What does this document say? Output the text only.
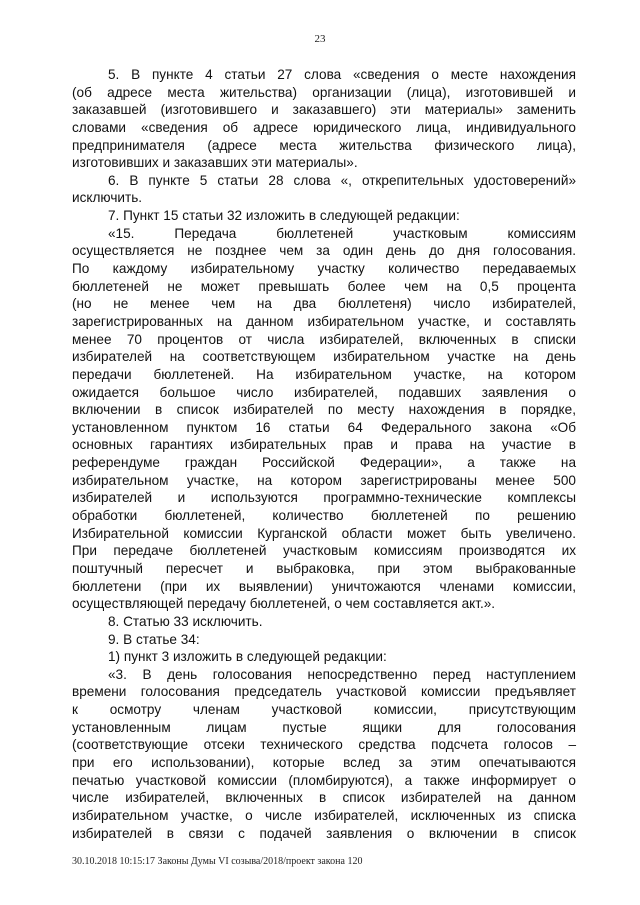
23
5. В пункте 4 статьи 27 слова «сведения о месте нахождения
(об адресе места жительства) организации (лица), изготовившей и
заказавшей (изготовившего и заказавшего) эти материалы» заменить
словами «сведения об адресе юридического лица, индивидуального
предпринимателя (адресе места жительства физического лица),
изготовивших и заказавших эти материалы».
6. В пункте 5 статьи 28 слова «, открепительных удостоверений»
исключить.
7. Пункт 15 статьи 32 изложить в следующей редакции:
«15. Передача бюллетеней участковым комиссиям
осуществляется не позднее чем за один день до дня голосования.
По каждому избирательному участку количество передаваемых
бюллетеней не может превышать более чем на 0,5 процента
(но не менее чем на два бюллетеня) число избирателей,
зарегистрированных на данном избирательном участке, и составлять
менее 70 процентов от числа избирателей, включенных в списки
избирателей на соответствующем избирательном участке на день
передачи бюллетеней. На избирательном участке, на котором
ожидается большое число избирателей, подавших заявления о
включении в список избирателей по месту нахождения в порядке,
установленном пунктом 16 статьи 64 Федерального закона «Об
основных гарантиях избирательных прав и права на участие в
референдуме граждан Российской Федерации», а также на
избирательном участке, на котором зарегистрированы менее 500
избирателей и используются программно-технические комплексы
обработки бюллетеней, количество бюллетеней по решению
Избирательной комиссии Курганской области может быть увеличено.
При передаче бюллетеней участковым комиссиям производятся их
поштучный пересчет и выбраковка, при этом выбракованные
бюллетени (при их выявлении) уничтожаются членами комиссии,
осуществляющей передачу бюллетеней, о чем составляется акт.».
8. Статью 33 исключить.
9. В статье 34:
1) пункт 3 изложить в следующей редакции:
«3. В день голосования непосредственно перед наступлением
времени голосования председатель участковой комиссии предъявляет
к осмотру членам участковой комиссии, присутствующим
установленным лицам пустые ящики для голосования
(соответствующие отсеки технического средства подсчета голосов –
при его использовании), которые вслед за этим опечатываются
печатью участковой комиссии (пломбируются), а также информирует о
числе избирателей, включенных в список избирателей на данном
избирательном участке, о числе избирателей, исключенных из списка
избирателей в связи с подачей заявления о включении в список
30.10.2018 10:15:17 Законы Думы VI созыва/2018/проект закона 120
